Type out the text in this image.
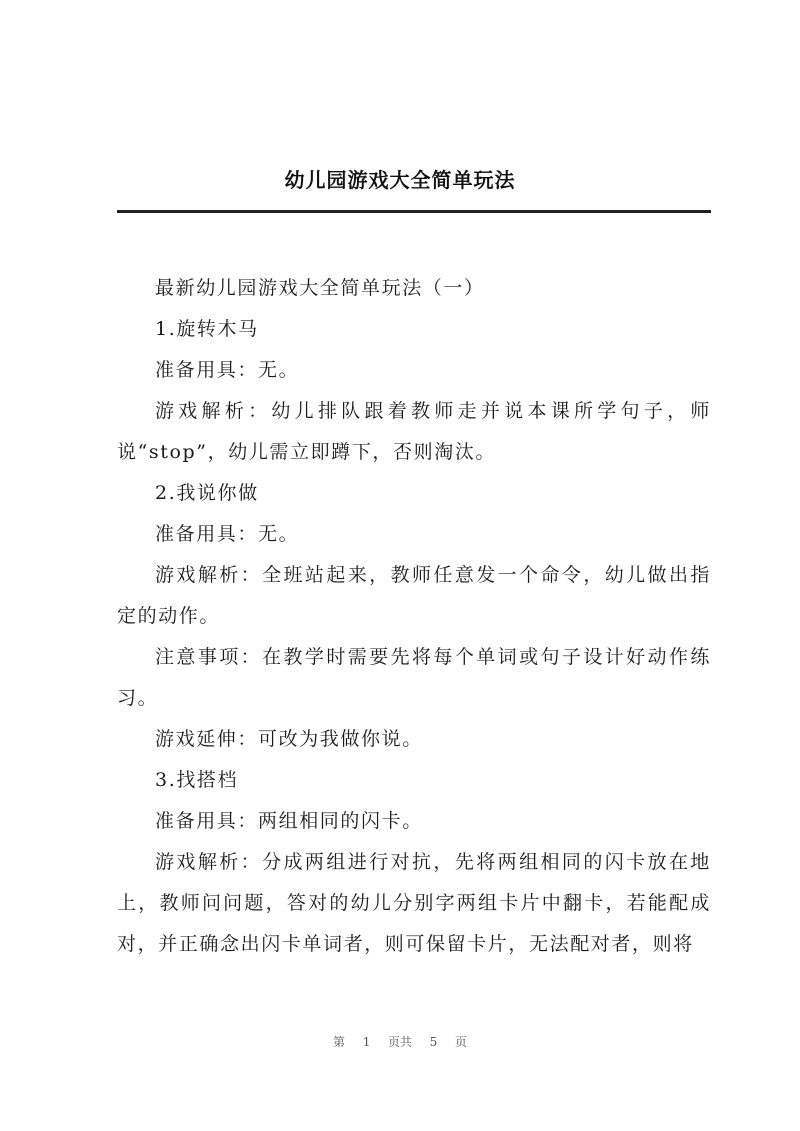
幼儿园游戏大全简单玩法

最新幼儿园游戏大全简单玩法（一）

1.旋转木马

准备用具：无。

游戏解析：幼儿排队跟着教师走并说本课所学句子，师说“stop”，幼儿需立即蹲下，否则淘汰。

2.我说你做

准备用具：无。

游戏解析：全班站起来，教师任意发一个命令，幼儿做出指定的动作。

注意事项：在教学时需要先将每个单词或句子设计好动作练习。

游戏延伸：可改为我做你说。

3.找搭档

准备用具：两组相同的闪卡。

游戏解析：分成两组进行对抗，先将两组相同的闪卡放在地上，教师问问题，答对的幼儿分别字两组卡片中翻卡，若能配成对，并正确念出闪卡单词者，则可保留卡片，无法配对者，则将

第 1 页共 5 页
